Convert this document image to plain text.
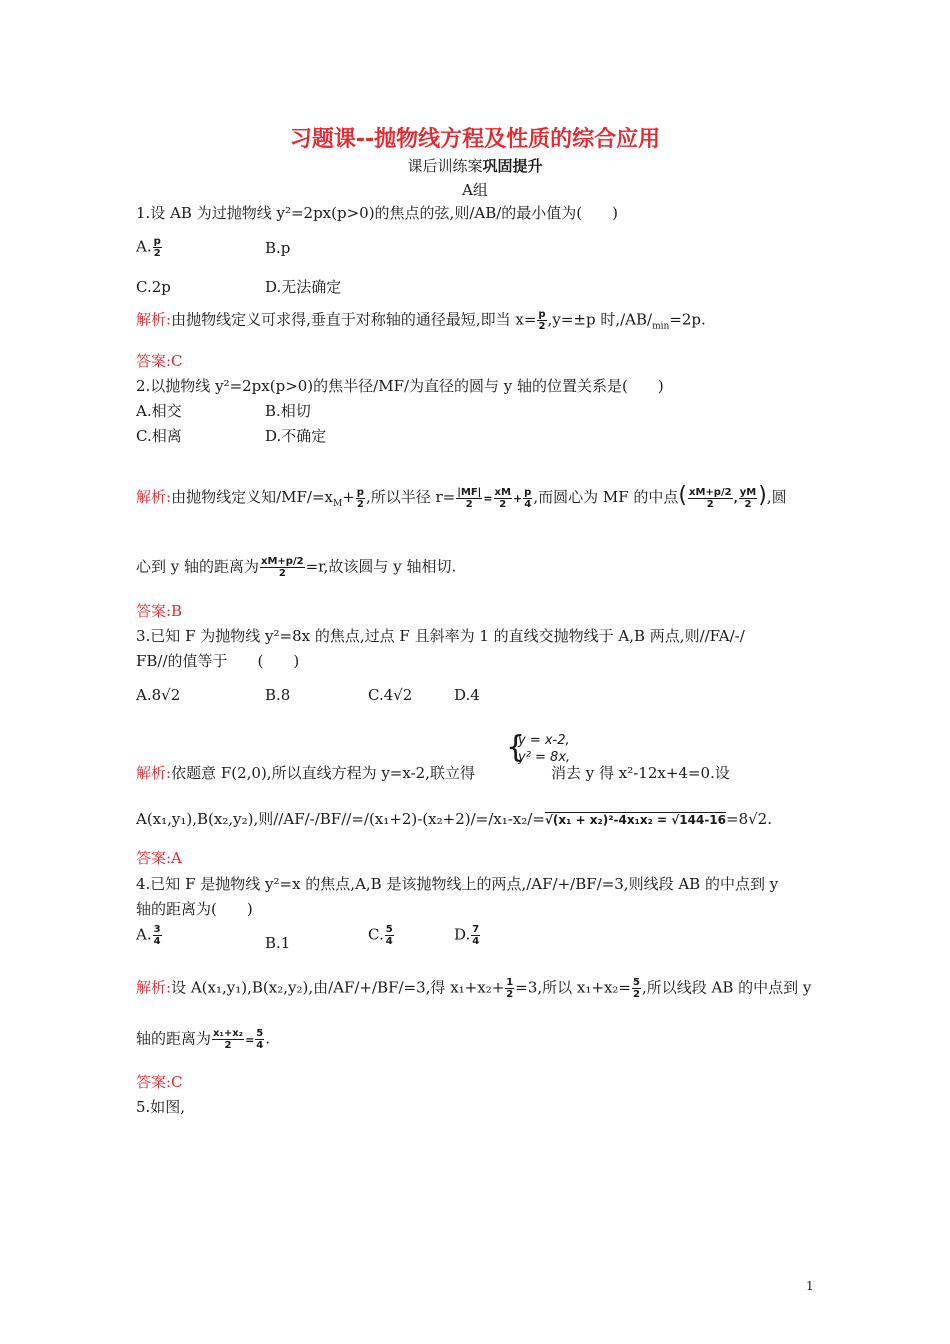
习题课--抛物线方程及性质的综合应用
课后训练案巩固提升
A组
1.设 AB 为过抛物线 y²=2px(p>0)的焦点的弦,则/AB/的最小值为(　　)
A. $\frac{p}{2}$	B.p
C.2p	D.无法确定
解析:由抛物线定义可求得,垂直于对称轴的通径最短,即当 $x= \frac{p}{2} ,y=\pm p$ 时$,/AB/_{min}=2p$.
答案:C
2.以抛物线 y²=2px(p>0)的焦半径/MF/为直径的圆与 y 轴的位置关系是(　　)
A.相交	B.相切
C.相离	D.不确定
解析:由抛物线定义知$/MF/=x_M+ \frac{p}{2}$ ,所以半径 $r= \frac{|MF|}{2} = \frac{xM}{2} + \frac{p}{4}$ ,而圆心为 MF 的中点( $\frac{xM+p/2}{2}$ , $\frac{yM}{2}$ ),圆
心到 y 轴的距离为 $\frac{xM+p/2}{2} =r$,故该圆与 y 轴相切.
答案:B
3.已知 F 为抛物线 y²=8x 的焦点,过点 F 且斜率为 1 的直线交抛物线于 A,B 两点,则//FA/-/
FB//的值等于　　(　　)
A.8√2	B.8	C.4√2	D.4
{
y = x-2,
y² = 8x,
解析:依题意 F(2,0),所以直线方程为 y=x-2,联立得	消去 y 得 x²-12x+4=0.设
A(x₁,y₁),B(x₂,y₂),则//AF/-/BF//=/(x₁+2)-(x₂+2)/=/x₁-x₂/=√(x₁ + x₂)²-4x₁x₂ = √144-16=8√2.
答案:A
4.已知 F 是抛物线 y²=x 的焦点,A,B 是该抛物线上的两点,/AF/+/BF/=3,则线段 AB 的中点到 y
轴的距离为(　　)
A. $\frac{3}{4}$	B.1	C. $\frac{5}{4}$	D. $\frac{7}{4}$
解析:设 A(x₁,y₁),B(x₂,y₂),由/AF/+/BF/=3,得 $x_1+x_2+ \frac{1}{2} =3$,所以 $x_1+x_2= \frac{5}{2}$ ,所以线段 AB 的中点到 y
轴的距离为 $\frac{\text{x₁+x₂}}{2} = \frac{5}{4}$ .
答案:C
5.如图,
1
